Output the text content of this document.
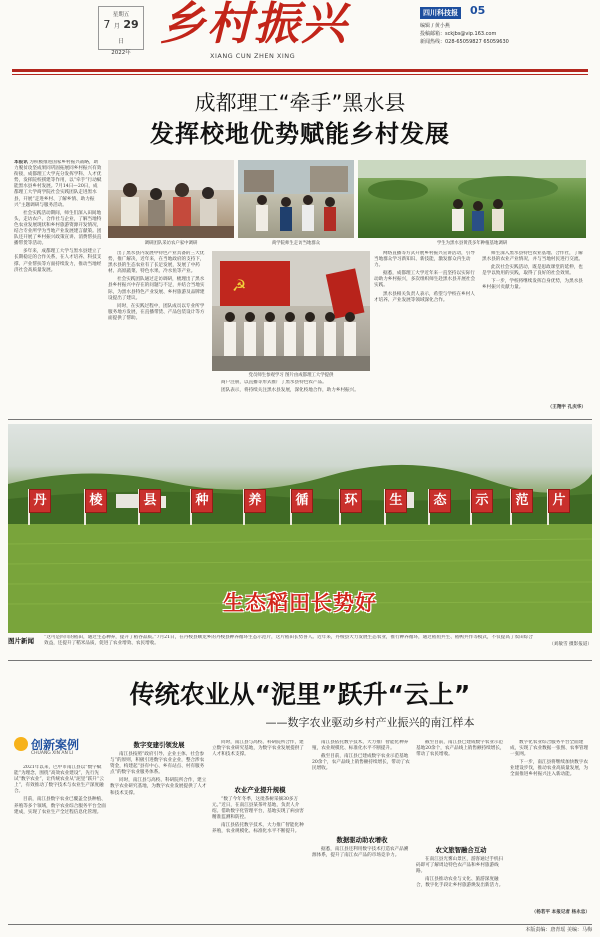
星期五
7 月 29 日
2022年
乡村振兴
XIANG CUN ZHEN XING
四川科技报 05
编辑 / 黄小燕
投稿邮箱：sckjbs@vip.163.com
新闻热线：028-65059827 65059630
成都理工“牵手”黑水县
发挥校地优势赋能乡村发展

本报讯 为积极推进国家乡村振兴战略，助力脱贫攻坚成果同巩固拓展同乡村振兴有效衔接，成都理工大学充分发挥学科、人才优势，发挥院校援建等作用，以“牵手”行动赋能黑水县乡村发展。7月14日—20日，成都理工大学商学院社会实践团队走进黑水县，开展“走进乡村、了解乡情、助力振兴”主题调研与服务活动。

社会实践活动期间，师生们深入田间地头，走访农户、合作社与企业，了解当地特色农业发展现状和乡村旅游资源开发情况，结合专业所学为当地产业发展建言献策。团队还开展了乡村振兴政策宣讲、消费帮扶直播带货等活动。

多年来，成都理工大学与黑水县建立了长期稳定的合作关系，在人才培养、科技支撑、产业帮扶等方面持续发力，推动当地经济社会高质量发展。

调研团队采访农户家中调研	商学院师生走访当地群众	学生为黑水县黄芪多年种植基地调研

出了黑水县内发展中特色产业具备的三大优势，推广解决，近年来，在当地政府的支持下，黑水县的生态农业有了长足发展，发展了中药材、高原蔬菜、特色水果、冷水鱼等产业。

社会实践团队通过走访调研，梳理出了黑水县乡村振兴中存在的问题与不足，并结合当地实际，为黑水县特色产业发展、乡村旅游及品牌建设提出了建议。

同时，在实践过程中，团队成员以专业所学服务地方发展，在直播带货、产品包装设计等方面提供了帮助。

☭
党员师生参观学习 图片由成都理工大学提供

商户注册，以直播等形式推广了黑水县特色农产品。

团队表示，将持续关注黑水县发展，深化校地合作，助力乡村振兴。

网络直播等方式开展乡村振兴宣讲活动，引导当地群众学习新知识、新技能，激发群众内生动力。

据悉，成都理工大学近年来一直坚持以实际行动助力乡村振兴，多次组织师生赴黑水县开展社会实践。

黑水县相关负责人表示，希望与学校在乡村人才培养、产业发展等领域深化合作。

师生深入黑水县特色农业基地、合作社，了解黑水县的农业产业情况，并与当地村民进行交流。

此次社会实践活动，既是思政课堂的延伸，也是学以致用的实践，取得了良好的社会效果。

下一步，学校将继续发挥自身优势，为黑水县乡村振兴贡献力量。

（王翔宇 孔庆华）
丹	棱	县	种	养	循	环	生	态	示	范	片
生态稻田长势好
图片新闻 “这可是四川的稻田，通过生态种养，提升了稻谷品质。”7月21日，在丹棱县顺龙乡的丹棱县种养循环生态示范片，这片稻田长势喜人。近年来，丹棱县大力发展生态农业，推行种养循环，通过稻鱼共生、稻鸭共作等模式，不仅提高了农田综合效益，还提升了稻米品质，促进了农业增效、农民增收。	（刘敏雪 摄影报道）
传统农业从“泥里”跃升“云上”
——数字农业驱动乡村产业振兴的南江样本
创新案例
CHUANG XIN AN LI

2021年以来，巴中市南江县以“数字赋能”为理念，围绕“高效农业建设”，先行先试“数字农业”，让传统农业从“泥里”跃升“云上”，有效推动了数字技术与农业生产深度融合。

目前，南江县数字农业已覆盖全县种植、养殖等多个领域，数字农业综合服务平台全面建成，实现了农业生产全过程信息化管理。

数字变建引领发展

南江县按照“政府引导、企业主体、社会参与”的原则，积极引进数字农业企业，整合涉农资金，构建起“县有中心、乡有站点、村有服务点”的数字农业服务体系。

同时，南江县与高校、科研院所合作，建立数字农业研究基地，为数字农业发展提供了人才和技术支撑。

同时，南江县与高校、科研院所合作，建立数字农业研究基地，为数字农业发展提供了人才和技术支撑。

农业产业提升规模

“数了今年冬季，这批茶树采摘30多万元。”近日，在南江县某茶叶基地，负责人介绍。借助数字化管理平台，基地实现了病虫害精准监测和防控。

南江县依托数字技术，大力推广智能化种养殖，农业规模化、标准化水平不断提升。

南江县依托数字技术，大力推广智能化种养殖，农业规模化、标准化水平不断提升。

截至目前，南江县已建成数字农业示范基地20余个，农产品线上销售额持续增长，带动了农民增收。

数据驱动助农增收

据悉，南江县还利用数字技术打造农产品溯源体系，提升了南江农产品的市场竞争力。

截至目前，南江县已建成数字农业示范基地20余个，农产品线上销售额持续增长，带动了农民增收。

农文旅智融合互动

在南江县光雾山景区，游客通过手机扫码即可了解周边特色农产品和乡村旅游线路。

南江县推动农业与文化、旅游深度融合，数字化手段让乡村旅游焕发出新活力。

数字化农业综合服务平台全面建成，实现了农业数据一张图、农事管理一张网。

下一步，南江县将继续加快数字农业建设步伐，推动农业高质量发展，为全面推进乡村振兴注入新动能。

（杨若平 本报记者 杨永忠）
本版责编：唐青瑶 美编：马梅
